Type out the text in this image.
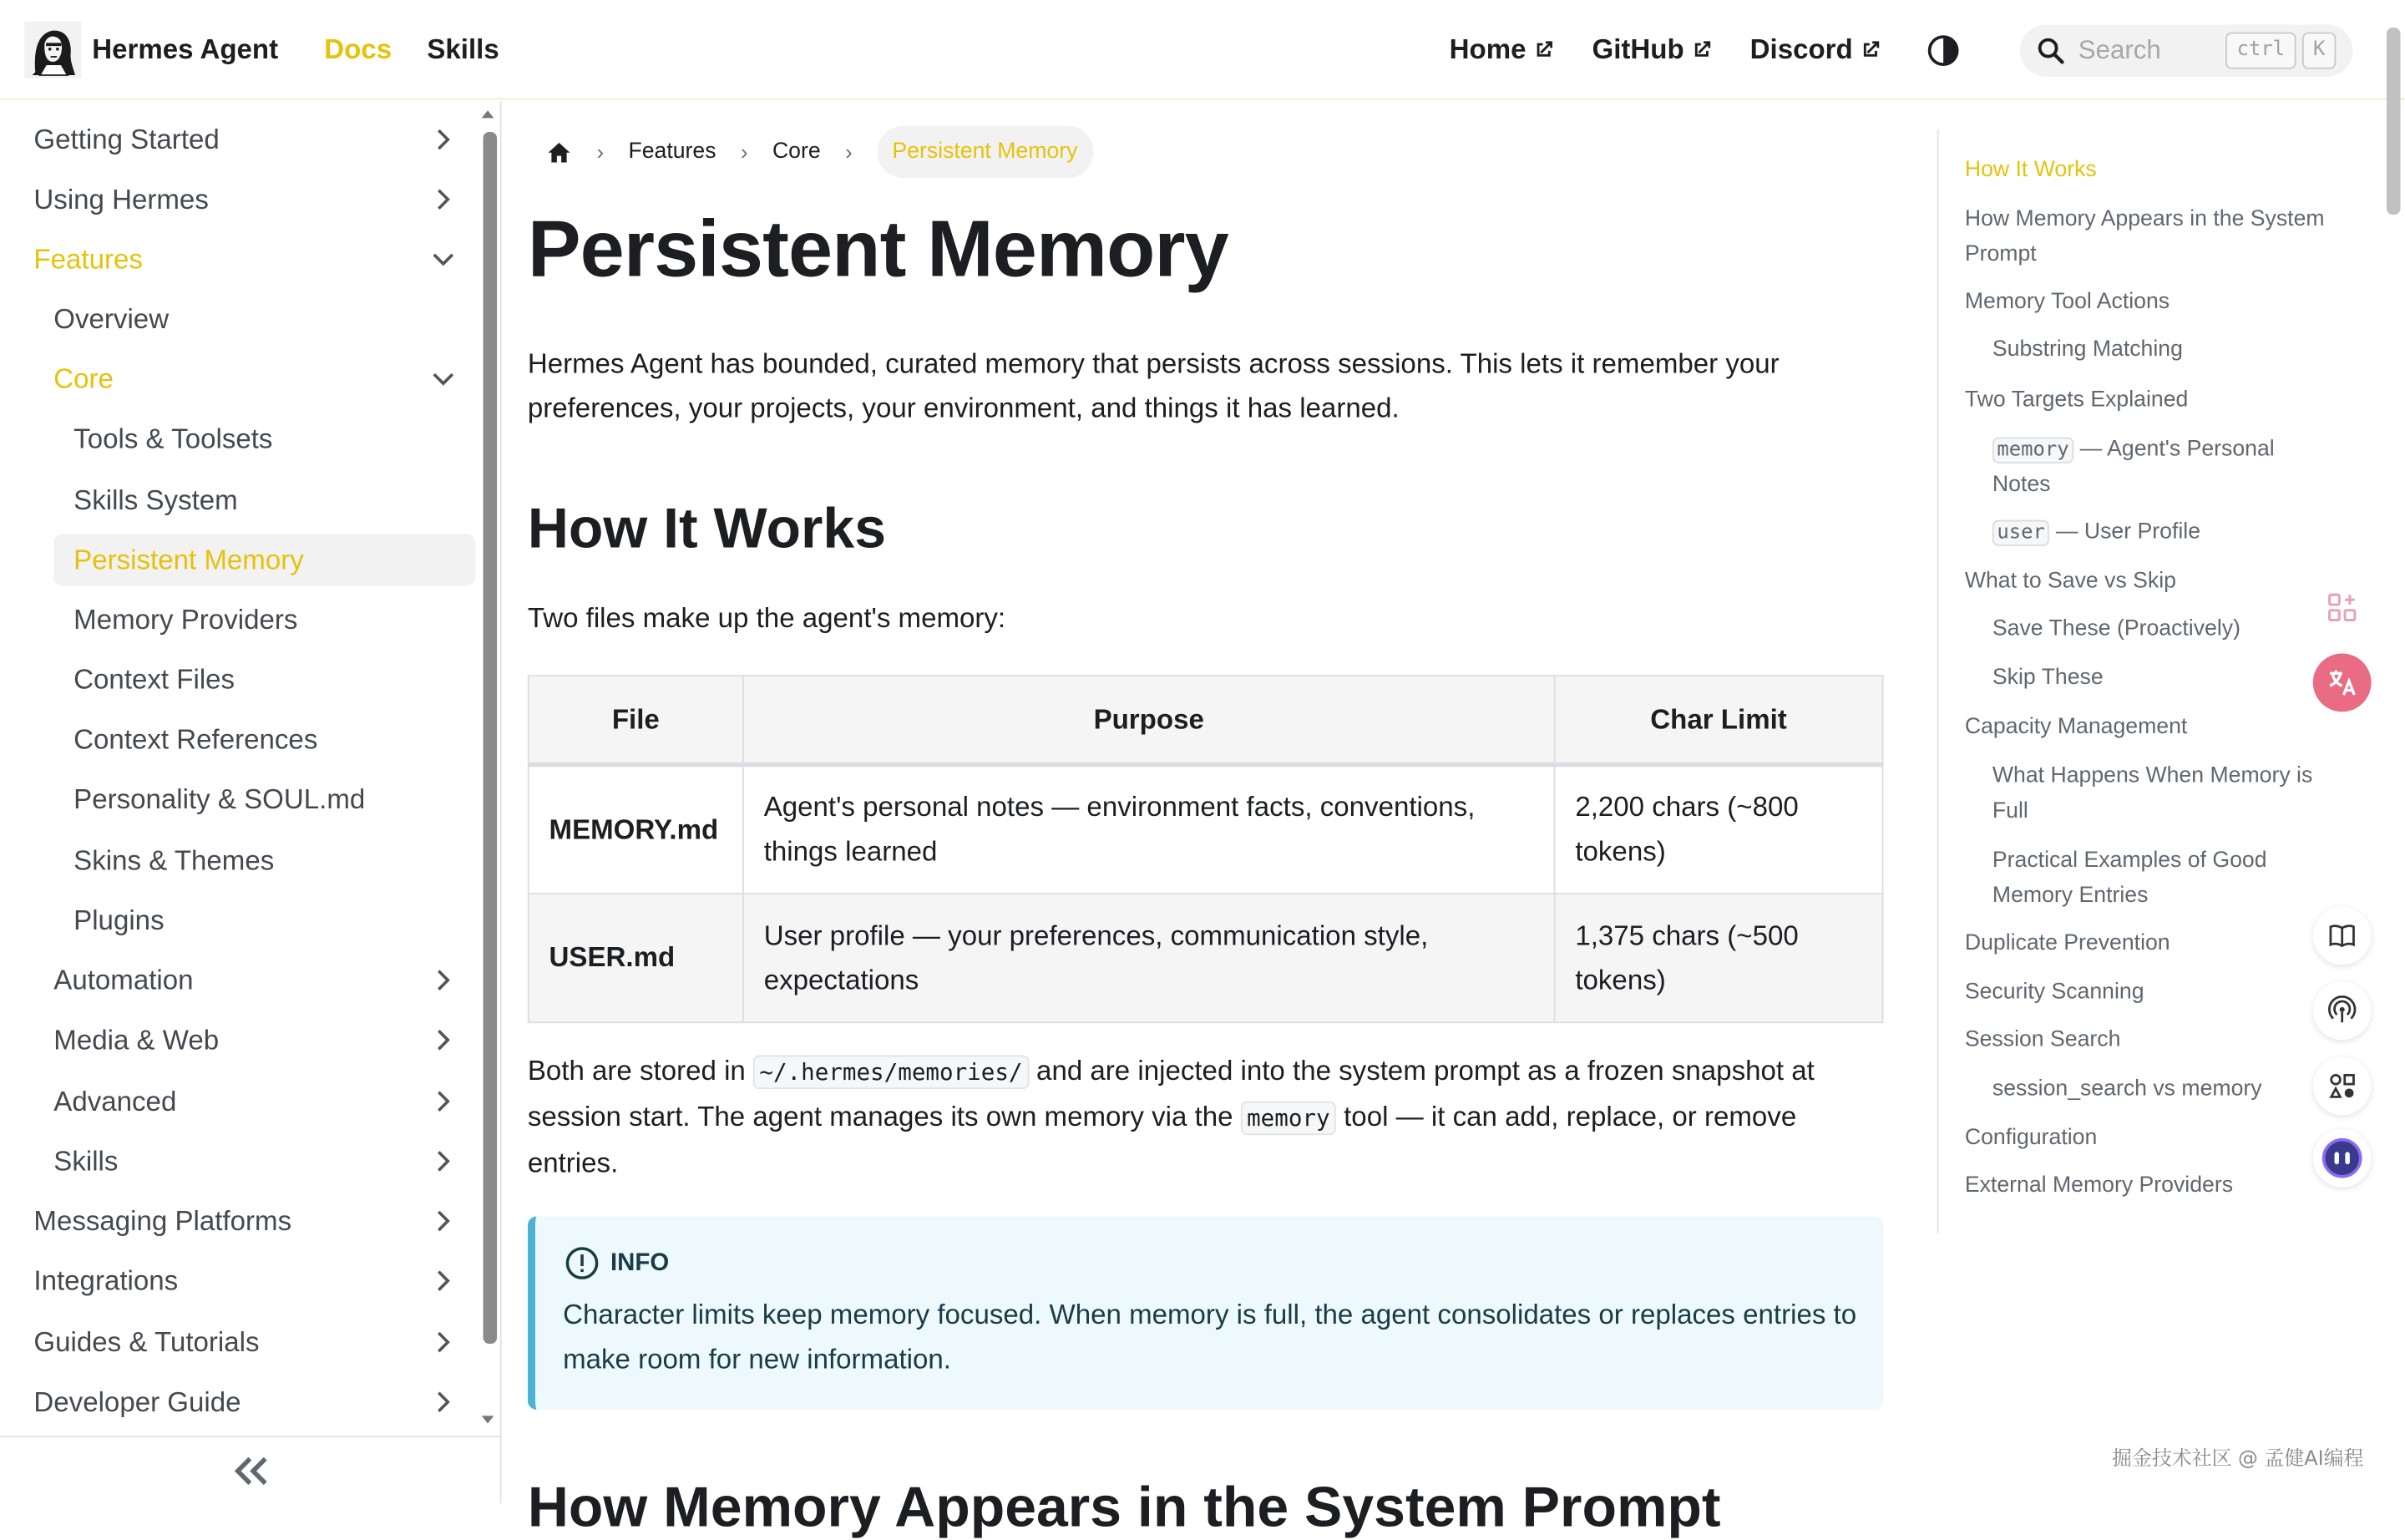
Hermes Agent	Docs Skills	Home	GitHub	Discord	Search	ctrl	K
Getting Started
Using Hermes
Features
Overview
Core
Tools & Toolsets
Skills System
Persistent Memory
Memory Providers
Context Files
Context References
Personality & SOUL.md
Skins & Themes
Plugins
Automation
Media & Web
Advanced
Skills
Messaging Platforms
Integrations
Guides & Tutorials
Developer Guide
› Features › Core ›	Persistent Memory
Persistent Memory

Hermes Agent has bounded, curated memory that persists across sessions. This lets it remember your preferences, your projects, your environment, and things it has learned.

How It Works

Two files make up the agent's memory:

File	Purpose	Char Limit
MEMORY.md	Agent's personal notes — environment facts, conventions, things learned	2,200 chars (~800 tokens)
USER.md	User profile — your preferences, communication style, expectations	1,375 chars (~500 tokens)

Both are stored in ~/.hermes/memories/ and are injected into the system prompt as a frozen snapshot at session start. The agent manages its own memory via the memory tool — it can add, replace, or remove entries.

INFO
Character limits keep memory focused. When memory is full, the agent consolidates or replaces entries to make room for new information.
How Memory Appears in the System Prompt
How It Works
How Memory Appears in the System Prompt
Memory Tool Actions
Substring Matching
Two Targets Explained
memory — Agent's Personal Notes
user — User Profile
What to Save vs Skip
Save These (Proactively)
Skip These
Capacity Management
What Happens When Memory is Full
Practical Examples of Good Memory Entries
Duplicate Prevention
Security Scanning
Session Search
session_search vs memory
Configuration
External Memory Providers
掘金技术社区 @ 孟健AI编程
